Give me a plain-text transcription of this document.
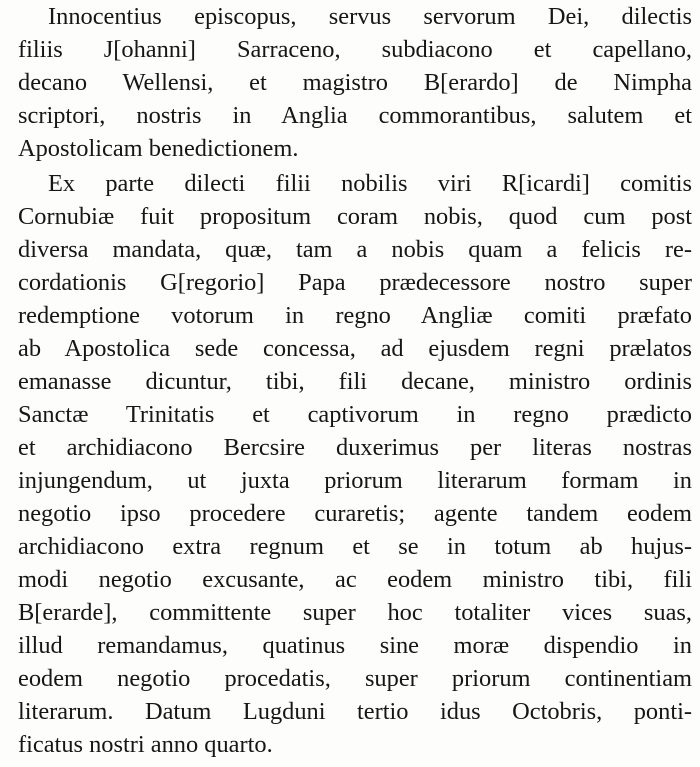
Innocentius episcopus, servus servorum Dei, dilectis
filiis J[ohanni] Sarraceno, subdiacono et capellano,
decano Wellensi, et magistro B[erardo] de Nimpha
scriptori, nostris in Anglia commorantibus, salutem et
Apostolicam benedictionem.
Ex parte dilecti filii nobilis viri R[icardi] comitis
Cornubiæ fuit propositum coram nobis, quod cum post
diversa mandata, quæ, tam a nobis quam a felicis re-
cordationis G[regorio] Papa prædecessore nostro super
redemptione votorum in regno Angliæ comiti præfato
ab Apostolica sede concessa, ad ejusdem regni prælatos
emanasse dicuntur, tibi, fili decane, ministro ordinis
Sanctæ Trinitatis et captivorum in regno prædicto
et archidiacono Bercsire duxerimus per literas nostras
injungendum, ut juxta priorum literarum formam in
negotio ipso procedere curaretis; agente tandem eodem
archidiacono extra regnum et se in totum ab hujus-
modi negotio excusante, ac eodem ministro tibi, fili
B[erarde], committente super hoc totaliter vices suas,
illud remandamus, quatinus sine moræ dispendio in
eodem negotio procedatis, super priorum continentiam
literarum. Datum Lugduni tertio idus Octobris, ponti-
ficatus nostri anno quarto.
